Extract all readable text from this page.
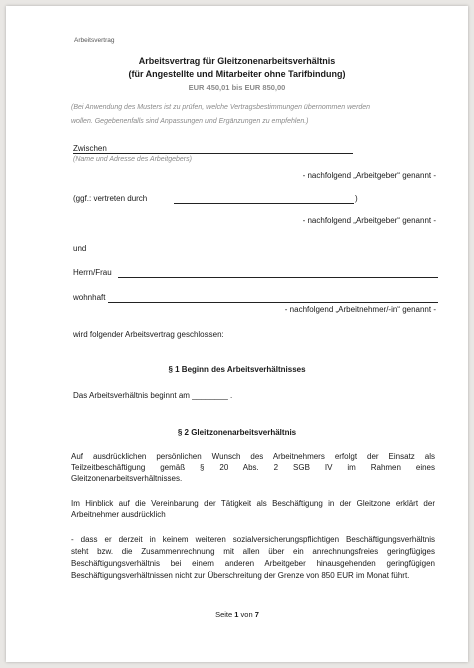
Arbeitsvertrag
Arbeitsvertrag für Gleitzonenarbeitsverhältnis
(für Angestellte und Mitarbeiter ohne Tarifbindung)
EUR 450,01 bis EUR 850,00
(Bei Anwendung des Musters ist zu prüfen, welche Vertragsbestimmungen übernommen werden
wollen. Gegebenenfalls sind Anpassungen und Ergänzungen zu empfehlen.)
Zwischen
(Name und Adresse des Arbeitgebers)
- nachfolgend „Arbeitgeber“ genannt -
(ggf.: vertreten durch	)
- nachfolgend „Arbeitgeber“ genannt -
und
Herrn/Frau
wohnhaft
- nachfolgend „Arbeitnehmer/-in“ genannt -
wird folgender Arbeitsvertrag geschlossen:
§ 1 Beginn des Arbeitsverhältnisses
Das Arbeitsverhältnis beginnt am ________ .
§ 2 Gleitzonenarbeitsverhältnis
Auf ausdrücklichen persönlichen Wunsch des Arbeitnehmers erfolgt der Einsatz als
Teilzeitbeschäftigung gemäß § 20 Abs. 2 SGB IV im Rahmen eines
Gleitzonenarbeitsverhältnisses.
Im Hinblick auf die Vereinbarung der Tätigkeit als Beschäftigung in der Gleitzone erklärt der
Arbeitnehmer ausdrücklich
- dass er derzeit in keinem weiteren sozialversicherungspflichtigen Beschäftigungsverhältnis
steht bzw. die Zusammenrechnung mit allen über ein anrechnungsfreies geringfügiges
Beschäftigungsverhältnis bei einem anderen Arbeitgeber hinausgehenden geringfügigen
Beschäftigungsverhältnissen nicht zur Überschreitung der Grenze von 850 EUR im Monat führt.
Seite 1 von 7
